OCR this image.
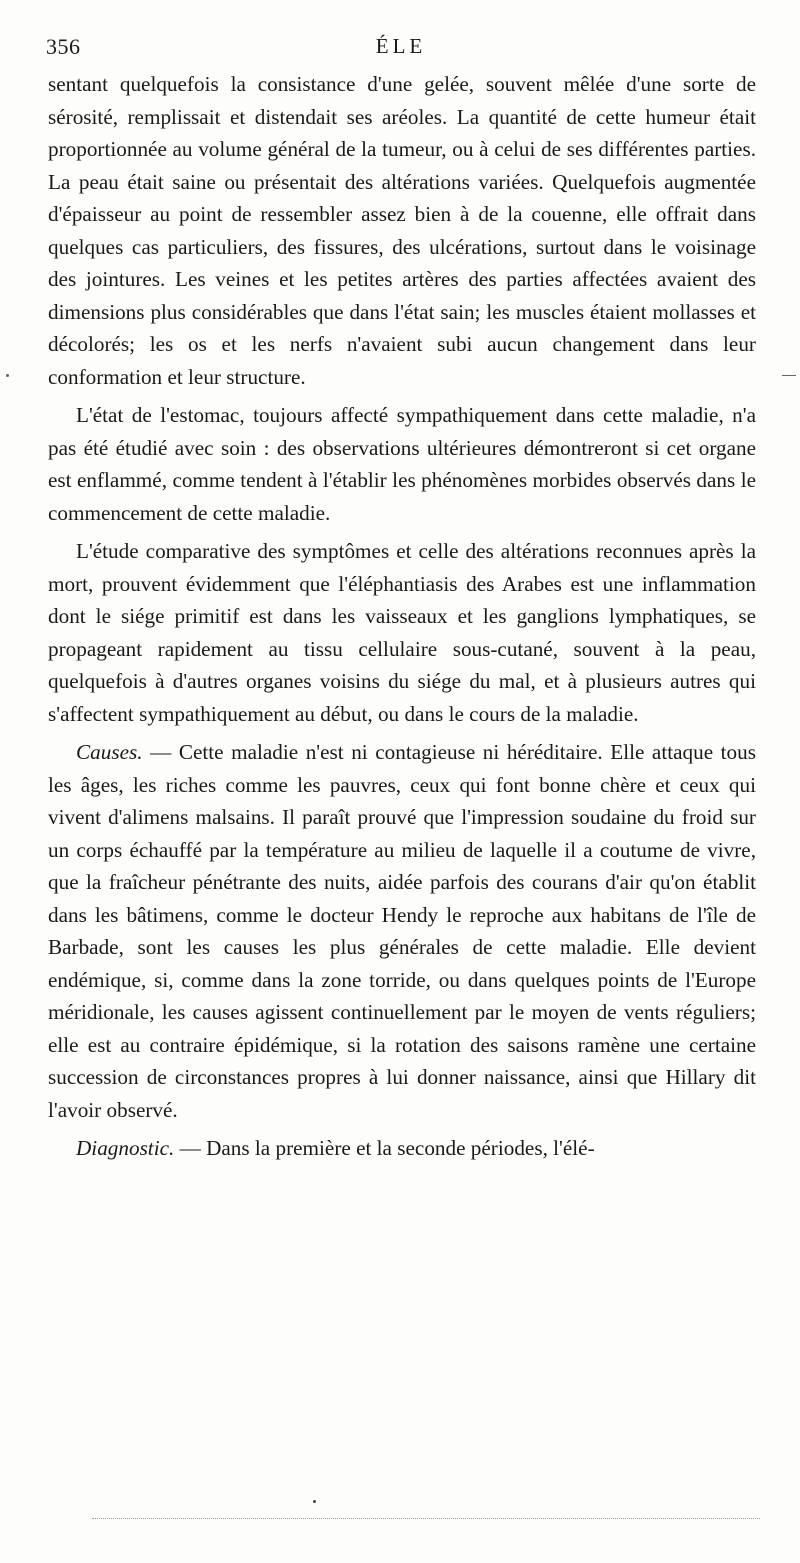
356	ÉLE

sentant quelquefois la consistance d'une gelée, souvent mêlée d'une sorte de sérosité, remplissait et distendait ses aréoles. La quantité de cette humeur était proportionnée au volume général de la tumeur, ou à celui de ses différentes parties. La peau était saine ou présentait des altérations variées. Quelquefois augmentée d'épaisseur au point de ressembler assez bien à de la couenne, elle offrait dans quelques cas particuliers, des fissures, des ulcérations, surtout dans le voisinage des jointures. Les veines et les petites artères des parties affectées avaient des dimensions plus considérables que dans l'état sain; les muscles étaient mollasses et décolorés; les os et les nerfs n'avaient subi aucun changement dans leur conformation et leur structure.

L'état de l'estomac, toujours affecté sympathiquement dans cette maladie, n'a pas été étudié avec soin : des observations ultérieures démontreront si cet organe est enflammé, comme tendent à l'établir les phénomènes morbides observés dans le commencement de cette maladie.

L'étude comparative des symptômes et celle des altérations reconnues après la mort, prouvent évidemment que l'éléphantiasis des Arabes est une inflammation dont le siége primitif est dans les vaisseaux et les ganglions lymphatiques, se propageant rapidement au tissu cellulaire sous-cutané, souvent à la peau, quelquefois à d'autres organes voisins du siége du mal, et à plusieurs autres qui s'affectent sympathiquement au début, ou dans le cours de la maladie.

Causes. — Cette maladie n'est ni contagieuse ni héréditaire. Elle attaque tous les âges, les riches comme les pauvres, ceux qui font bonne chère et ceux qui vivent d'alimens malsains. Il paraît prouvé que l'impression soudaine du froid sur un corps échauffé par la température au milieu de laquelle il a coutume de vivre, que la fraîcheur pénétrante des nuits, aidée parfois des courans d'air qu'on établit dans les bâtimens, comme le docteur Hendy le reproche aux habitans de l'île de Barbade, sont les causes les plus générales de cette maladie. Elle devient endémique, si, comme dans la zone torride, ou dans quelques points de l'Europe méridionale, les causes agissent continuellement par le moyen de vents réguliers; elle est au contraire épidémique, si la rotation des saisons ramène une certaine succession de circonstances propres à lui donner naissance, ainsi que Hillary dit l'avoir observé.

Diagnostic. — Dans la première et la seconde périodes, l'élé-
